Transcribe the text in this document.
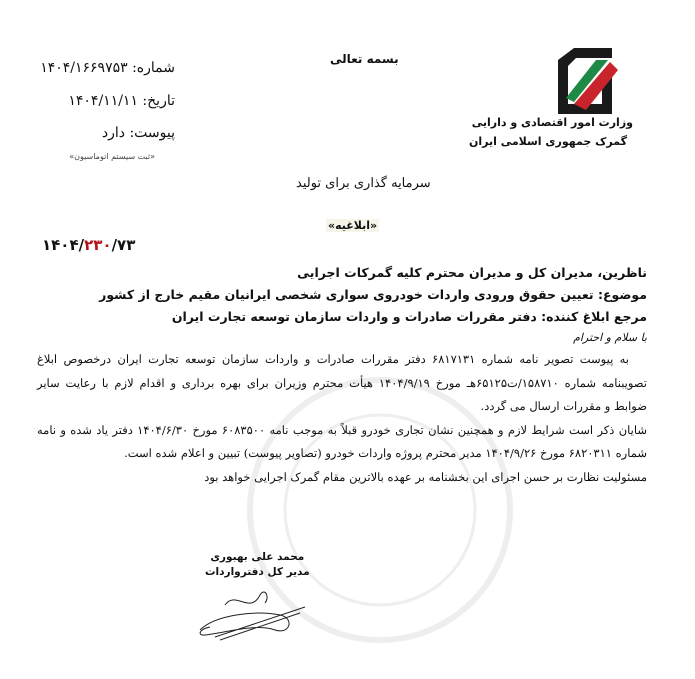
وزارت امور اقتصادی و دارایی
گمرک جمهوری اسلامی ایران
بسمه تعالی
شماره: ۱۴۰۴/۱۶۶۹۷۵۳
تاریخ: ۱۴۰۴/۱۱/۱۱
پیوست: دارد
«ثبت سیستم اتوماسیون»
سرمایه گذاری برای تولید
«ابلاغیه»
۱۴۰۴/۲۳۰/۷۳
ناظرین، مدیران کل و مدیران محترم کلیه گمرکات اجرایی
موضوع: تعیین حقوق ورودی واردات خودروی سواری شخصی ایرانیان مقیم خارج از کشور
مرجع ابلاغ کننده: دفتر مقررات صادرات و واردات سازمان توسعه تجارت ایران
با سلام و احترام

به پیوست تصویر نامه شماره ۶۸۱۷۱۳۱ دفتر مقررات صادرات و واردات سازمان توسعه تجارت ایران درخصوص ابلاغ تصویبنامه شماره ۱۵۸۷۱۰/ت۶۵۱۲۵هـ مورخ ۱۴۰۴/۹/۱۹ هیأت محترم وزیران برای بهره برداری و اقدام لازم با رعایت سایر ضوابط و مقررات ارسال می گردد.

شایان ذکر است شرایط لازم و همچنین نشان تجاری خودرو قبلاً به موجب نامه ۶۰۸۳۵۰۰ مورخ ۱۴۰۴/۶/۳۰ دفتر یاد شده و نامه شماره ۶۸۲۰۳۱۱ مورخ ۱۴۰۴/۹/۲۶ مدیر محترم پروژه واردات خودرو (تصاویر پیوست) تبیین و اعلام شده است.

مسئولیت نظارت بر حسن اجرای این بخشنامه بر عهده بالاترین مقام گمرک اجرایی خواهد بود

محمد علی بهبوری
مدیر کل دفترواردات
